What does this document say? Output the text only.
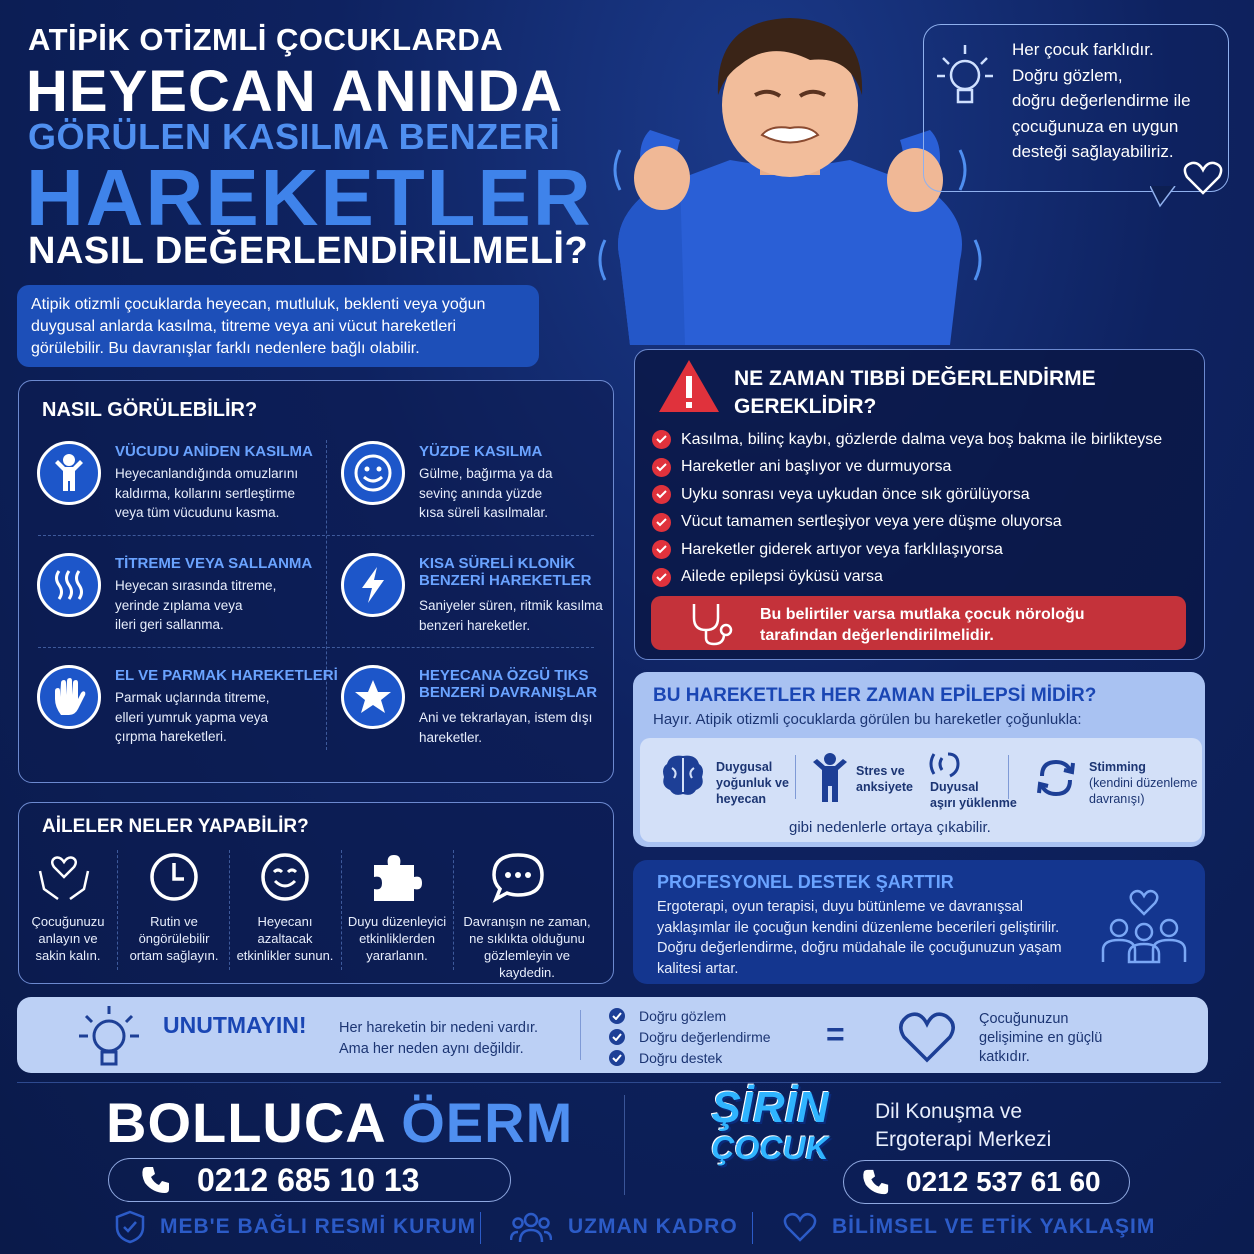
ATİPİK OTİZMLİ ÇOCUKLARDA
HEYECAN ANINDA
GÖRÜLEN KASILMA BENZERİ
HAREKETLER
NASIL DEĞERLENDİRİLMELİ?
Atipik otizmli çocuklarda heyecan, mutluluk, beklenti veya yoğun duygusal anlarda kasılma, titreme veya ani vücut hareketleri görülebilir. Bu davranışlar farklı nedenlere bağlı olabilir.
Her çocuk farklıdır.
Doğru gözlem,
doğru değerlendirme ile
çocuğunuza en uygun
desteği sağlayabiliriz.
NASIL GÖRÜLEBİLİR?
VÜCUDU ANİDEN KASILMA
Heyecanlandığında omuzlarını
kaldırma, kollarını sertleştirme
veya tüm vücudunu kasma.
YÜZDE KASILMA
Gülme, bağırma ya da
sevinç anında yüzde
kısa süreli kasılmalar.
TİTREME VEYA SALLANMA
Heyecan sırasında titreme,
yerinde zıplama veya
ileri geri sallanma.
KISA SÜRELİ KLONİK
BENZERİ HAREKETLER
Saniyeler süren, ritmik kasılma
benzeri hareketler.
EL VE PARMAK HAREKETLERİ
Parmak uçlarında titreme,
elleri yumruk yapma veya
çırpma hareketleri.
HEYECANA ÖZGÜ TIKS
BENZERİ DAVRANIŞLAR
Ani ve tekrarlayan, istem dışı
hareketler.
NE ZAMAN TIBBİ DEĞERLENDİRME
GEREKLİDİR?
Kasılma, bilinç kaybı, gözlerde dalma veya boş bakma ile birlikteyse
Hareketler ani başlıyor ve durmuyorsa
Uyku sonrası veya uykudan önce sık görülüyorsa
Vücut tamamen sertleşiyor veya yere düşme oluyorsa
Hareketler giderek artıyor veya farklılaşıyorsa
Ailede epilepsi öyküsü varsa
Bu belirtiler varsa mutlaka çocuk nöroloğu
tarafından değerlendirilmelidir.
BU HAREKETLER HER ZAMAN EPİLEPSİ MİDİR?
Hayır. Atipik otizmli çocuklarda görülen bu hareketler çoğunlukla:
Duygusal
yoğunluk ve
heyecan
Stres ve
anksiyete Duyusal
aşırı yüklenme
Stimming
(kendini düzenleme
davranışı)
gibi nedenlerle ortaya çıkabilir.
AİLELER NELER YAPABİLİR?
Çocuğunuzu
anlayın ve
sakin kalın.
Rutin ve
öngörülebilir
ortam sağlayın.
Heyecanı
azaltacak
etkinlikler sunun.
Duyu düzenleyici
etkinliklerden
yararlanın.
Davranışın ne zaman,
ne sıklıkta olduğunu
gözlemleyin ve
kaydedin.
PROFESYONEL DESTEK ŞARTTIR
Ergoterapi, oyun terapisi, duyu bütünleme ve davranışsal
yaklaşımlar ile çocuğun kendini düzenleme becerileri geliştirilir.
Doğru değerlendirme, doğru müdahale ile çocuğunuzun yaşam
kalitesi artar.
UNUTMAYIN! Her hareketin bir nedeni vardır.
Ama her neden aynı değildir.
Doğru gözlem
Doğru değerlendirme
Doğru destek
=	Çocuğunuzun
gelişimine en güçlü
katkıdır.
BOLLUCA ÖERM
0212 685 10 13
ŞİRİN
ÇOCUK
Dil Konuşma ve
Ergoterapi Merkezi
0212 537 61 60
MEB'E BAĞLI RESMİ KURUM	UZMAN KADRO	BİLİMSEL VE ETİK YAKLAŞIM
